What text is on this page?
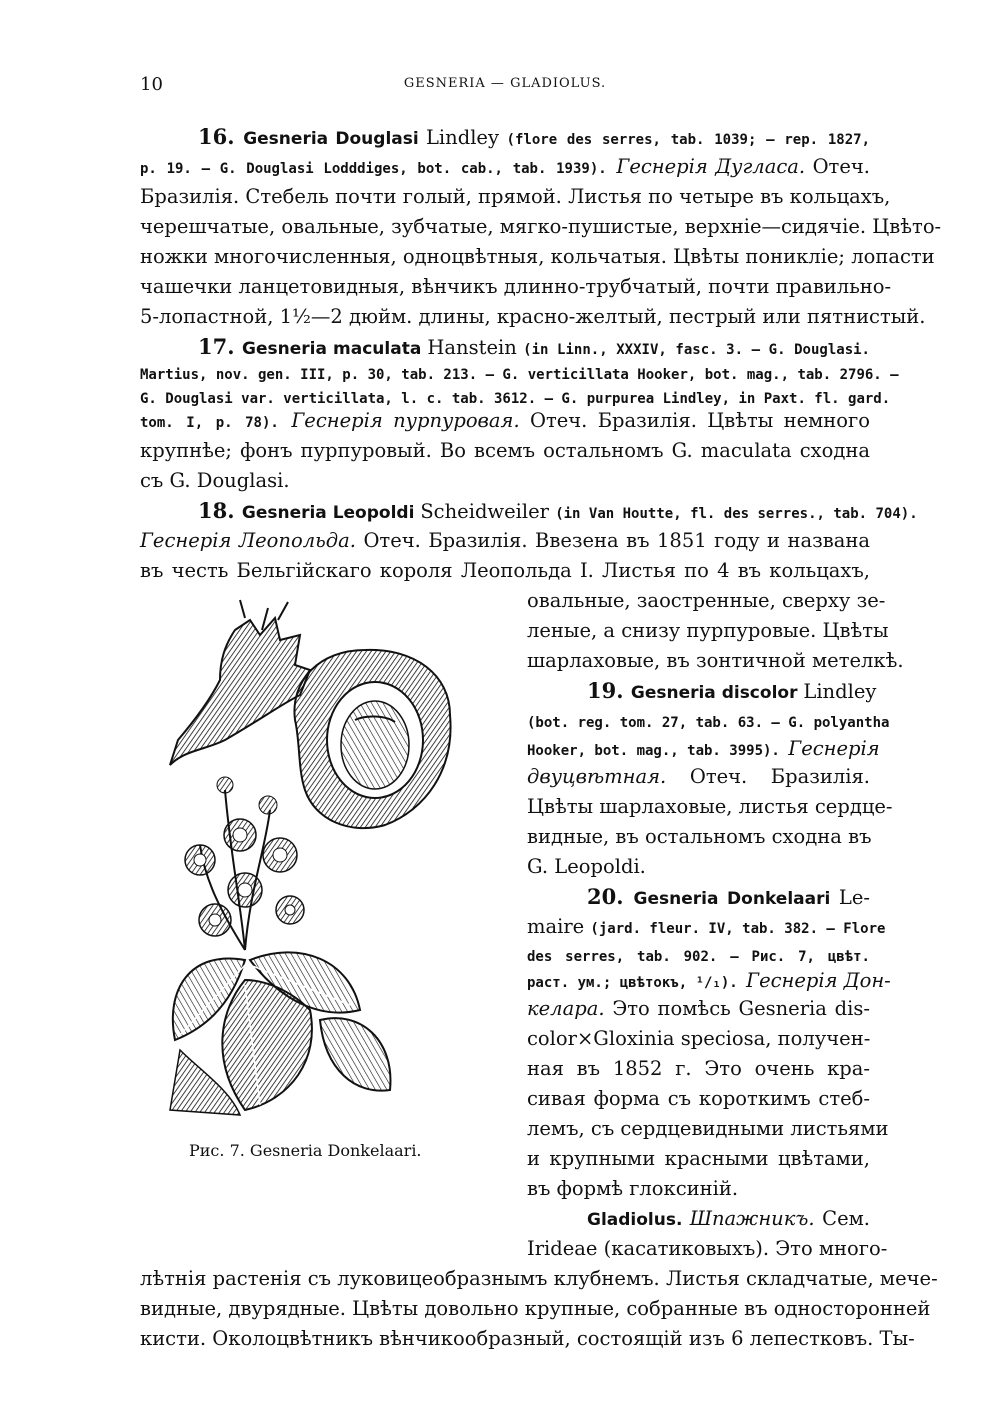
10	GESNERIA — GLADIOLUS.
16. Gesneria Douglasi Lindley (flore des serres, tab. 1039; — rep. 1827,
p. 19. — G. Douglasi Lodddiges, bot. cab., tab. 1939). Геснерія Дугласа. Отеч.
Бразилія. Стебель почти голый, прямой. Листья по четыре въ кольцахъ,
черешчатые, овальные, зубчатые, мягко-пушистые, верхніе—сидячіе. Цвѣто-
ножки многочисленныя, одноцвѣтныя, кольчатыя. Цвѣты поникліе; лопасти
чашечки ланцетовидныя, вѣнчикъ длинно-трубчатый, почти правильно-
5-лопастной, 1½—2 дюйм. длины, красно-желтый, пестрый или пятнистый.
17. Gesneria maculata Hanstein (in Linn., XXXIV, fasc. 3. — G. Douglasi.
Martius, nov. gen. III, p. 30, tab. 213. — G. verticillata Hooker, bot. mag., tab. 2796. —
G. Douglasi var. verticillata, l. c. tab. 3612. — G. purpurea Lindley, in Paxt. fl. gard.
tom. I, p. 78). Геснерія пурпуровая. Отеч. Бразилія. Цвѣты немного
крупнѣе; фонъ пурпуровый. Во всемъ остальномъ G. maculata сходна
съ G. Douglasi.
18. Gesneria Leopoldi Scheidweiler (in Van Houtte, fl. des serres., tab. 704).
Геснерія Леопольда. Отеч. Бразилія. Ввезена въ 1851 году и названа
въ честь Бельгійскаго короля Леопольда I. Листья по 4 въ кольцахъ,
овальные, заостренные, сверху зе-
леные, а снизу пурпуровые. Цвѣты
шарлаховые, въ зонтичной метелкѣ.
19. Gesneria discolor Lindley
(bot. reg. tom. 27, tab. 63. — G. polyantha
Hooker, bot. mag., tab. 3995). Геснерія
двуцвѣтная. Отеч. Бразилія.
Цвѣты шарлаховые, листья сердце-
видные, въ остальномъ сходна въ
G. Leopoldi.
20. Gesneria Donkelaari Le-
maire (jard. fleur. IV, tab. 382. — Flore
des serres, tab. 902. — Рис. 7, цвѣт.
раст. ум.; цвѣтокъ, ¹/₁). Геснерія Дон-
келара. Это помѣсь Gesneria dis-
color×Gloxinia speciosa, получен-
ная въ 1852 г. Это очень кра-
сивая форма съ короткимъ стеб-
лемъ, съ сердцевидными листьями
и крупными красными цвѣтами,
въ формѣ глоксиній.
Gladiolus. Шпажникъ. Сем.
Irideae (касатиковыхъ). Это много-
лѣтнія растенія съ луковицеобразнымъ клубнемъ. Листья складчатые, мече-
видные, двурядные. Цвѣты довольно крупные, собранные въ односторонней
кисти. Околоцвѣтникъ вѣнчикообразный, состоящій изъ 6 лепестковъ. Ты-
Рис. 7. Gesneria Donkelaari.
